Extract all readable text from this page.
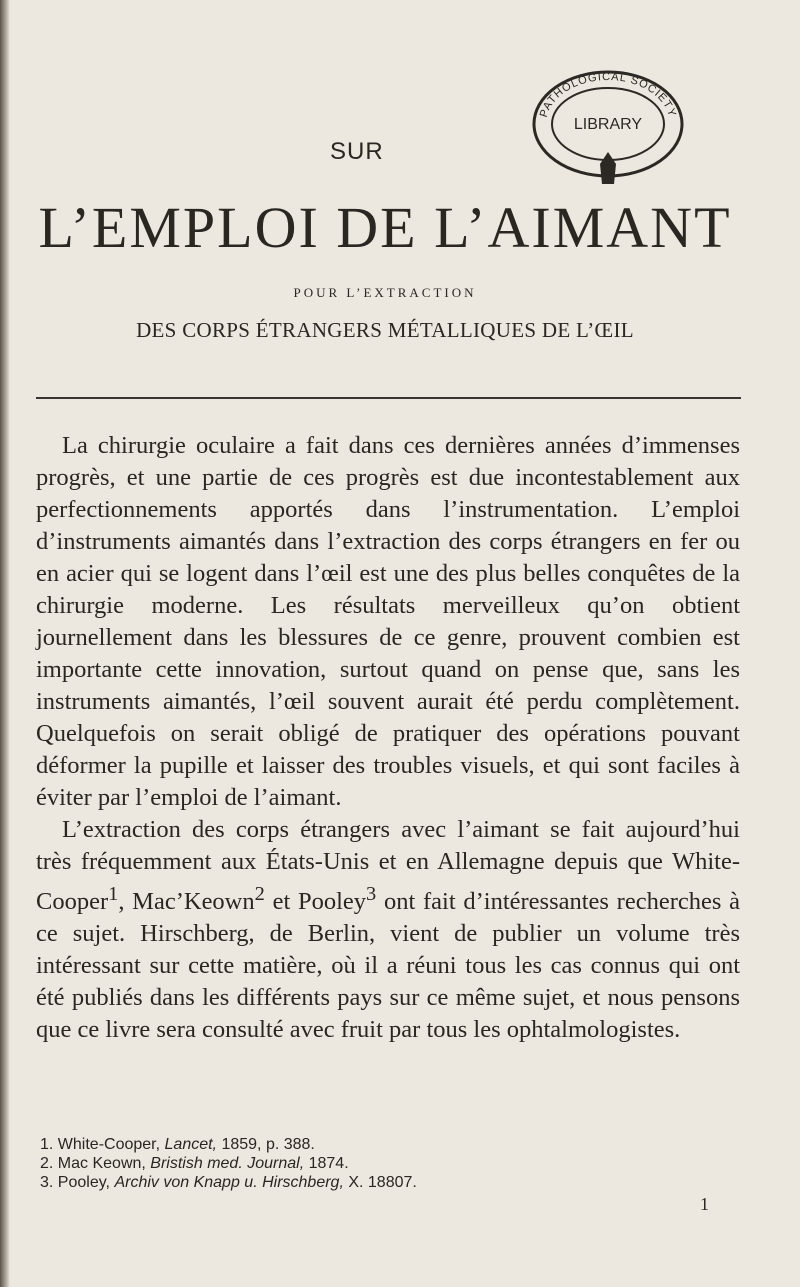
PATHOLOGICAL SOCIETY
LIBRARY
SUR
L’EMPLOI DE L’AIMANT
POUR L’EXTRACTION
DES CORPS ÉTRANGERS MÉTALLIQUES DE L’ŒIL

La chirurgie oculaire a fait dans ces dernières années d’immenses progrès, et une partie de ces progrès est due incontestablement aux perfectionnements apportés dans l’instrumentation. L’emploi d’instruments aimantés dans l’extraction des corps étrangers en fer ou en acier qui se logent dans l’œil est une des plus belles conquêtes de la chirurgie moderne. Les résultats merveilleux qu’on obtient journellement dans les blessures de ce genre, prouvent combien est importante cette innovation, surtout quand on pense que, sans les instruments aimantés, l’œil souvent aurait été perdu complètement. Quelquefois on serait obligé de pratiquer des opérations pouvant déformer la pupille et laisser des troubles visuels, et qui sont faciles à éviter par l’emploi de l’aimant.

L’extraction des corps étrangers avec l’aimant se fait aujourd’hui très fréquemment aux États-Unis et en Allemagne depuis que White-Cooper$^1$, Mac’Keown$^2$ et Pooley$^3$ ont fait d’intéressantes recherches à ce sujet. Hirschberg, de Berlin, vient de publier un volume très intéressant sur cette matière, où il a réuni tous les cas connus qui ont été publiés dans les différents pays sur ce même sujet, et nous pensons que ce livre sera consulté avec fruit par tous les ophtalmologistes.

1. White-Cooper, Lancet, 1859, p. 388.
2. Mac Keown, Bristish med. Journal, 1874.
3. Pooley, Archiv von Knapp u. Hirschberg, X. 18807.
1
